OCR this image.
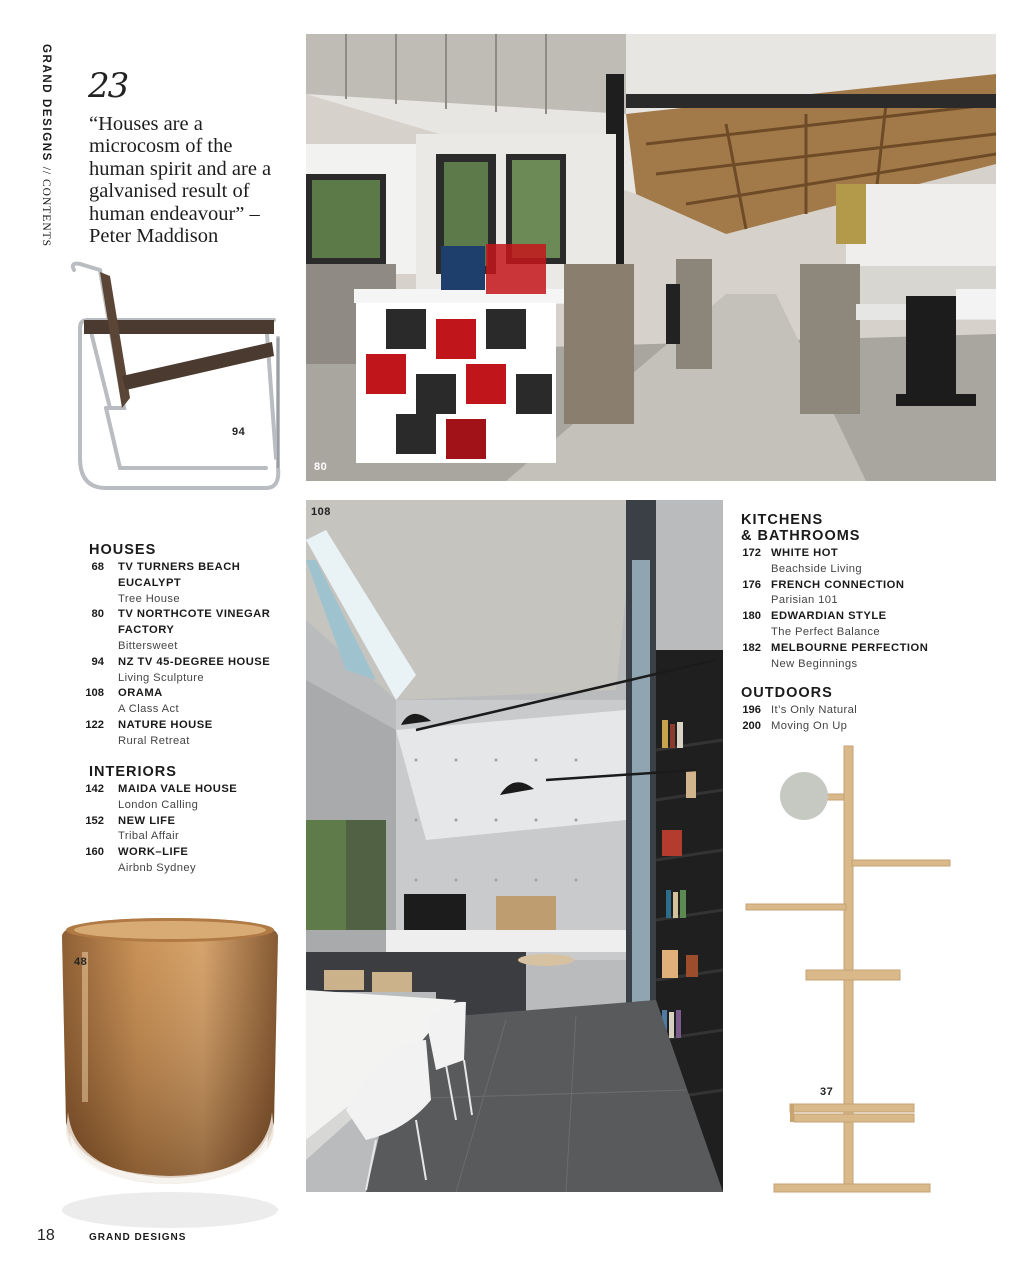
GRAND DESIGNS // CONTENTS
23
“Houses are a microcosm of the human spirit and are a galvanised result of human endeavour” – Peter Maddison
94
80
108
48
37
HOUSES
68	TV TURNERS BEACH EUCALYPT
Tree House
80	TV NORTHCOTE VINEGAR FACTORY
Bittersweet
94	NZ TV 45-DEGREE HOUSE
Living Sculpture
108	ORAMA
A Class Act
122	NATURE HOUSE
Rural Retreat
INTERIORS
142	MAIDA VALE HOUSE
London Calling
152	NEW LIFE
Tribal Affair
160	WORK–LIFE
Airbnb Sydney
KITCHENS
& BATHROOMS
172 WHITE HOT
Beachside Living
176 FRENCH CONNECTION
Parisian 101
180 EDWARDIAN STYLE
The Perfect Balance
182 MELBOURNE PERFECTION
New Beginnings
OUTDOORS
196 It’s Only Natural
200 Moving On Up
18	GRAND DESIGNS
